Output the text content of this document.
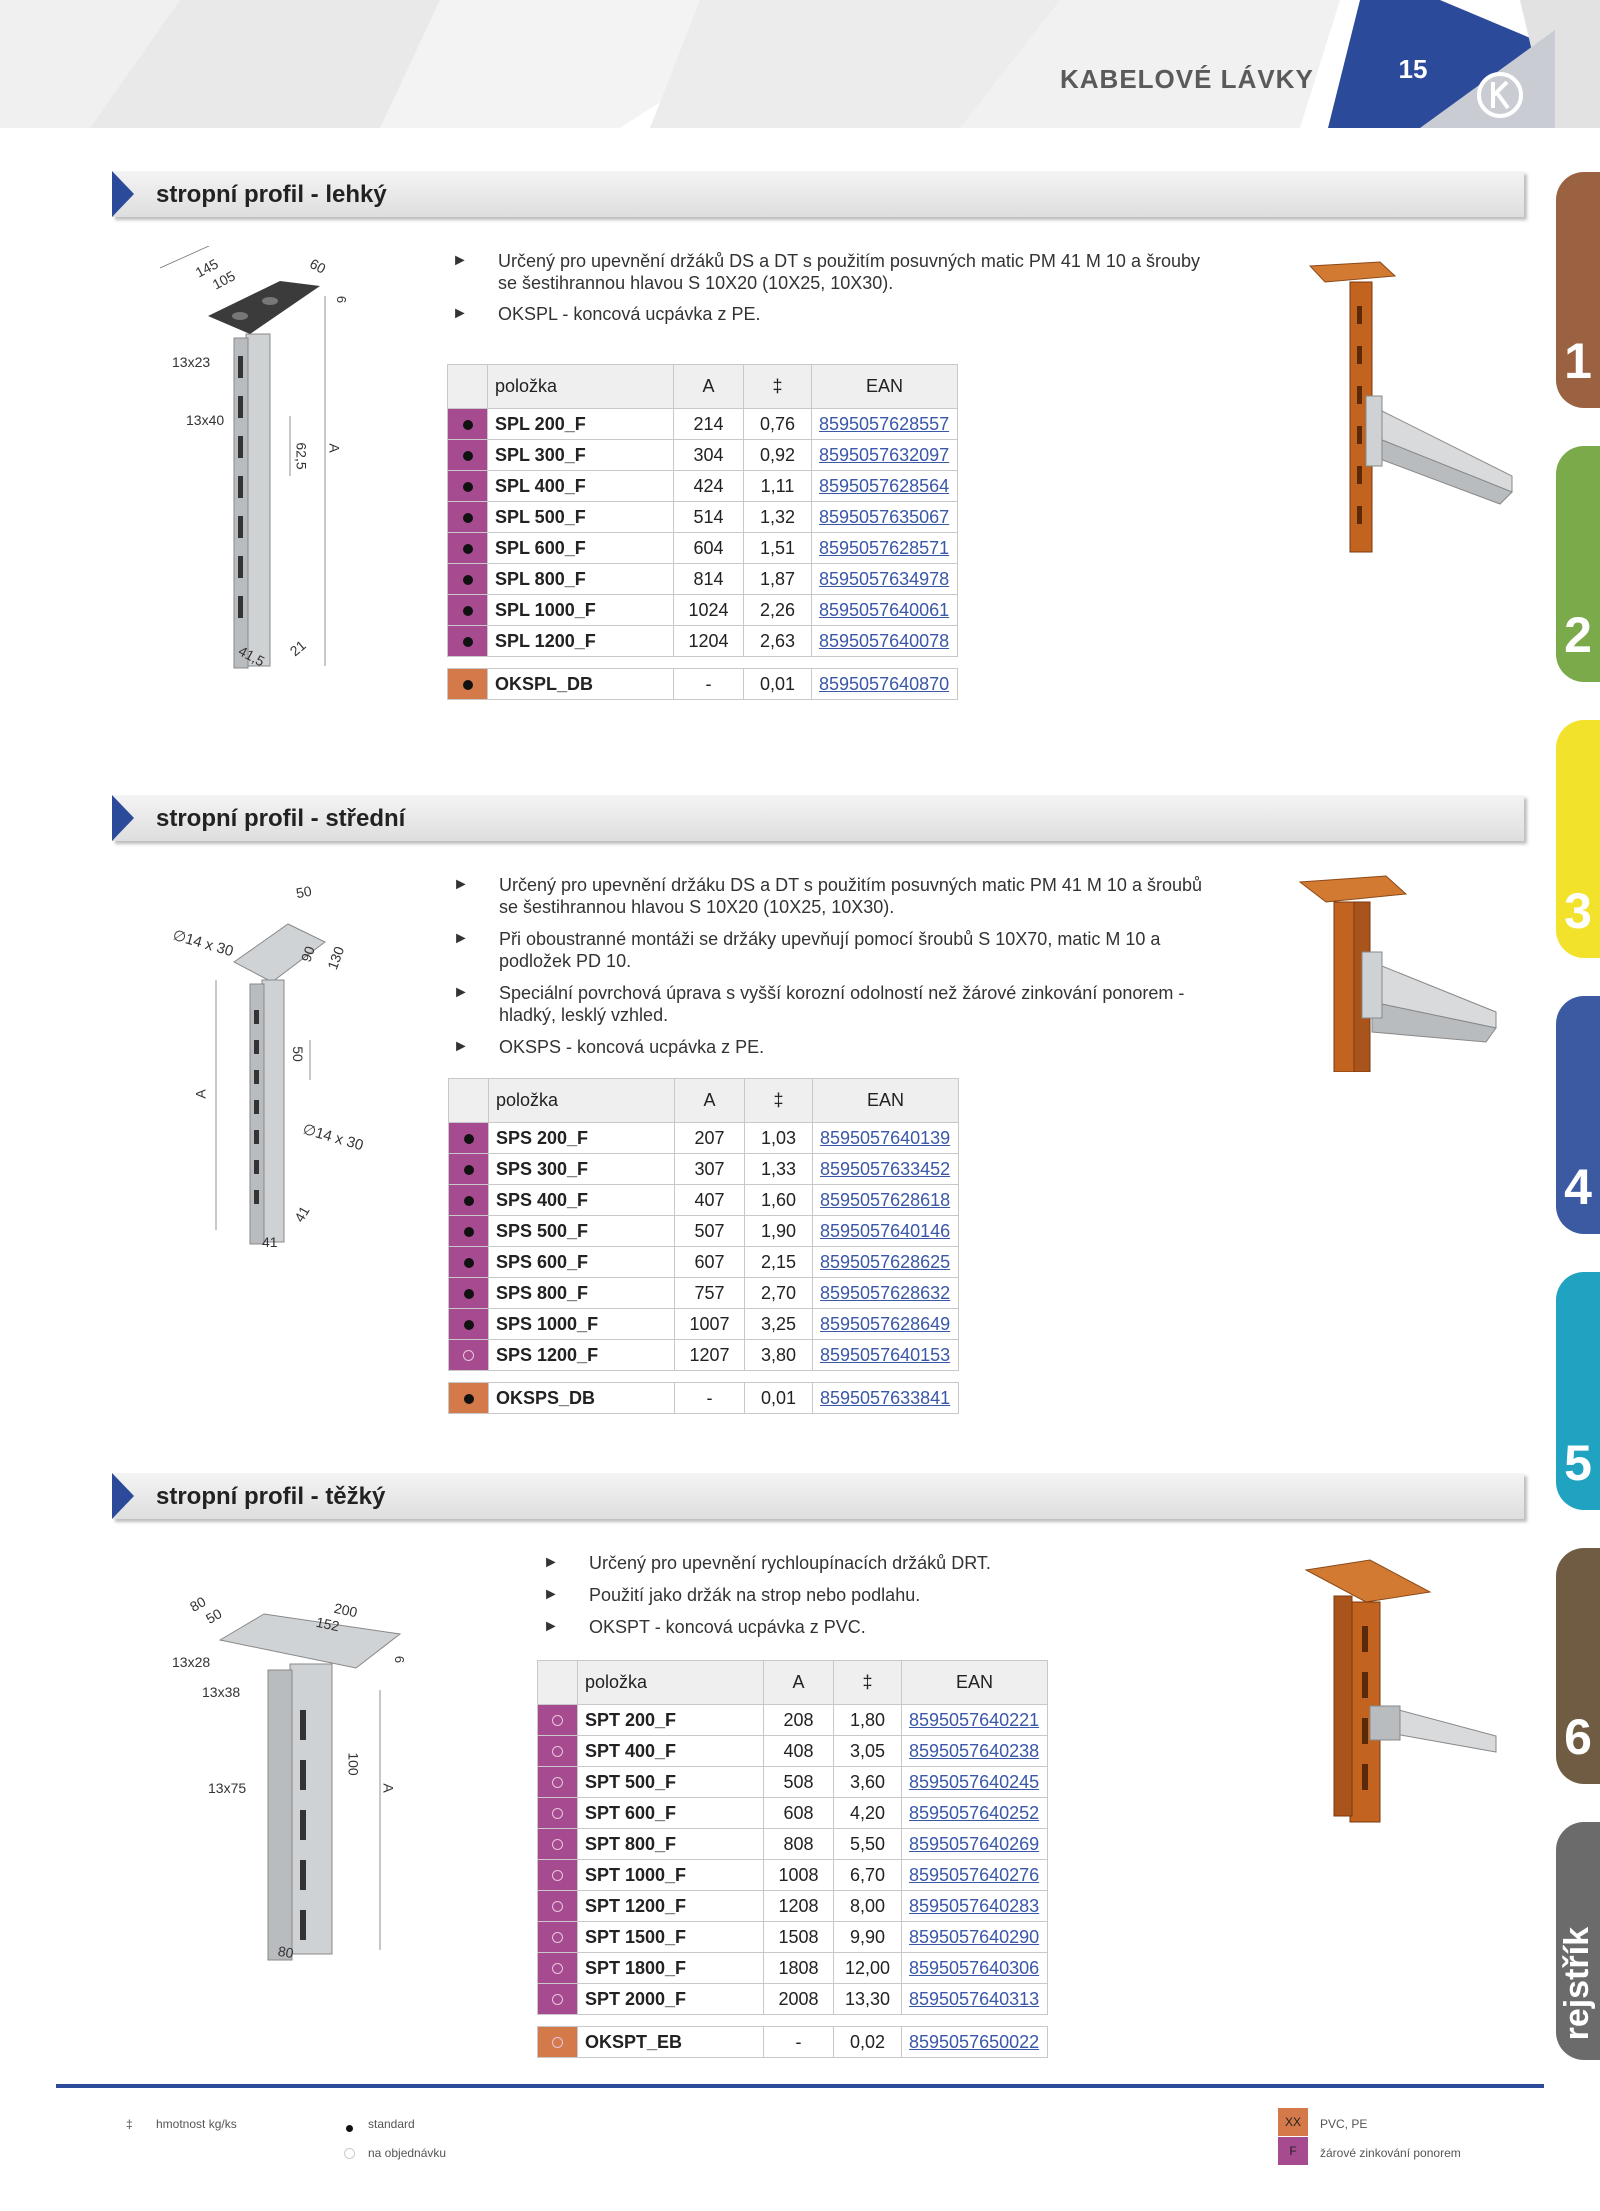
KABELOVÉ LÁVKY	15
1
2
3
4
5
6
rejstřík
stropní profil - lehký
145
105
60
6
13x23
13x40
62,5 A
41,5 21
► Určený pro upevnění držáků DS a DT s použitím posuvných matic PM 41 M 10 a šrouby se šestihrannou hlavou S 10X20 (10X25, 10X30).
► OKSPL - koncová ucpávka z PE.
	položka	A	‡	EAN
	SPL 200_F	214	0,76	8595057628557
	SPL 300_F	304	0,92	8595057632097
	SPL 400_F	424	1,11	8595057628564
	SPL 500_F	514	1,32	8595057635067
	SPL 600_F	604	1,51	8595057628571
	SPL 800_F	814	1,87	8595057634978
	SPL 1000_F	1024	2,26	8595057640061
	SPL 1200_F	1204	2,63	8595057640078

	OKSPL_DB	-	0,01	8595057640870
stropní profil - střední
50
∅14 x 30	90 130
50
A
∅14 x 30
41
41
► Určený pro upevnění držáku DS a DT s použitím posuvných matic PM 41 M 10 a šroubů se šestihrannou hlavou S 10X20 (10X25, 10X30).
► Při oboustranné montáži se držáky upevňují pomocí šroubů S 10X70, matic M 10 a podložek PD 10.
► Speciální povrchová úprava s vyšší korozní odolností než žárové zinkování ponorem - hladký, lesklý vzhled.
► OKSPS - koncová ucpávka z PE.
	položka	A	‡	EAN
	SPS 200_F	207	1,03	8595057640139
	SPS 300_F	307	1,33	8595057633452
	SPS 400_F	407	1,60	8595057628618
	SPS 500_F	507	1,90	8595057640146
	SPS 600_F	607	2,15	8595057628625
	SPS 800_F	757	2,70	8595057628632
	SPS 1000_F	1007	3,25	8595057628649
	SPS 1200_F	1207	3,80	8595057640153

	OKSPS_DB	-	0,01	8595057633841
stropní profil - těžký
80
50	200
152
6
13x28
13x38
13x75
100
A
80
► Určený pro upevnění rychloupínacích držáků DRT.
► Použití jako držák na strop nebo podlahu.
► OKSPT - koncová ucpávka z PVC.
	položka	A	‡	EAN
	SPT 200_F	208	1,80	8595057640221
	SPT 400_F	408	3,05	8595057640238
	SPT 500_F	508	3,60	8595057640245
	SPT 600_F	608	4,20	8595057640252
	SPT 800_F	808	5,50	8595057640269
	SPT 1000_F	1008	6,70	8595057640276
	SPT 1200_F	1208	8,00	8595057640283
	SPT 1500_F	1508	9,90	8595057640290
	SPT 1800_F	1808	12,00	8595057640306
	SPT 2000_F	2008	13,30	8595057640313

	OKSPT_EB	-	0,02	8595057650022
‡ hmotnost kg/ks	standard
na objednávku
XX	PVC, PE
F	žárové zinkování ponorem
